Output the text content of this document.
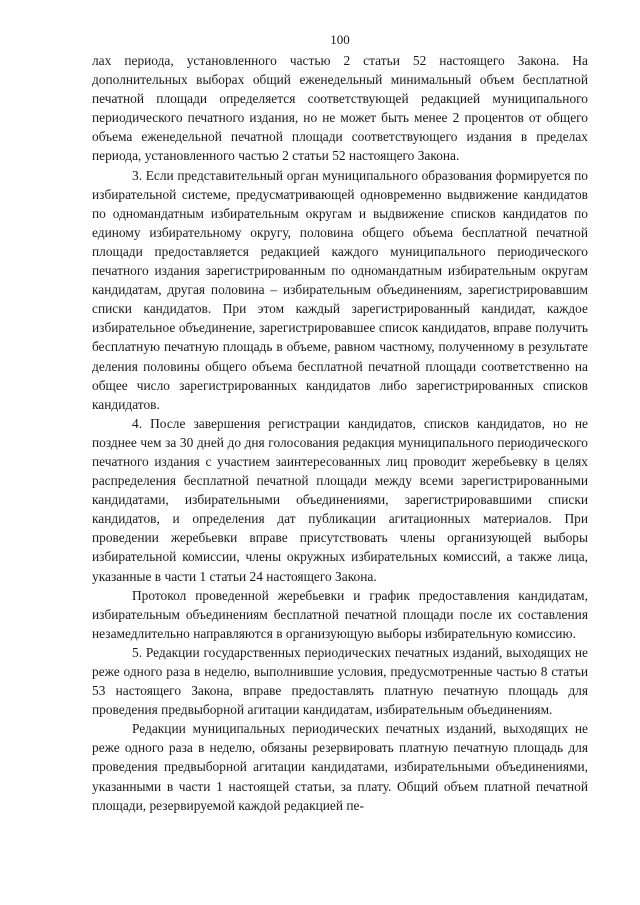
100

лах периода, установленного частью 2 статьи 52 настоящего Закона. На дополнительных выборах общий еженедельный минимальный объем бесплатной печатной площади определяется соответствующей редакцией муниципального периодического печатного издания, но не может быть менее 2 процентов от общего объема еженедельной печатной площади соответствующего издания в пределах периода, установленного частью 2 статьи 52 настоящего Закона.

3. Если представительный орган муниципального образования формируется по избирательной системе, предусматривающей одновременно выдвижение кандидатов по одномандатным избирательным округам и выдвижение списков кандидатов по единому избирательному округу, половина общего объема бесплатной печатной площади предоставляется редакцией каждого муниципального периодического печатного издания зарегистрированным по одномандатным избирательным округам кандидатам, другая половина – избирательным объединениям, зарегистрировавшим списки кандидатов. При этом каждый зарегистрированный кандидат, каждое избирательное объединение, зарегистрировавшее список кандидатов, вправе получить бесплатную печатную площадь в объеме, равном частному, полученному в результате деления половины общего объема бесплатной печатной площади соответственно на общее число зарегистрированных кандидатов либо зарегистрированных списков кандидатов.

4. После завершения регистрации кандидатов, списков кандидатов, но не позднее чем за 30 дней до дня голосования редакция муниципального периодического печатного издания с участием заинтересованных лиц проводит жеребьевку в целях распределения бесплатной печатной площади между всеми зарегистрированными кандидатами, избирательными объединениями, зарегистрировавшими списки кандидатов, и определения дат публикации агитационных материалов. При проведении жеребьевки вправе присутствовать члены организующей выборы избирательной комиссии, члены окружных избирательных комиссий, а также лица, указанные в части 1 статьи 24 настоящего Закона.

Протокол проведенной жеребьевки и график предоставления кандидатам, избирательным объединениям бесплатной печатной площади после их составления незамедлительно направляются в организующую выборы избирательную комиссию.

5. Редакции государственных периодических печатных изданий, выходящих не реже одного раза в неделю, выполнившие условия, предусмотренные частью 8 статьи 53 настоящего Закона, вправе предоставлять платную печатную площадь для проведения предвыборной агитации кандидатам, избирательным объединениям.

Редакции муниципальных периодических печатных изданий, выходящих не реже одного раза в неделю, обязаны резервировать платную печатную площадь для проведения предвыборной агитации кандидатами, избирательными объединениями, указанными в части 1 настоящей статьи, за плату. Общий объем платной печатной площади, резервируемой каждой редакцией пе-
